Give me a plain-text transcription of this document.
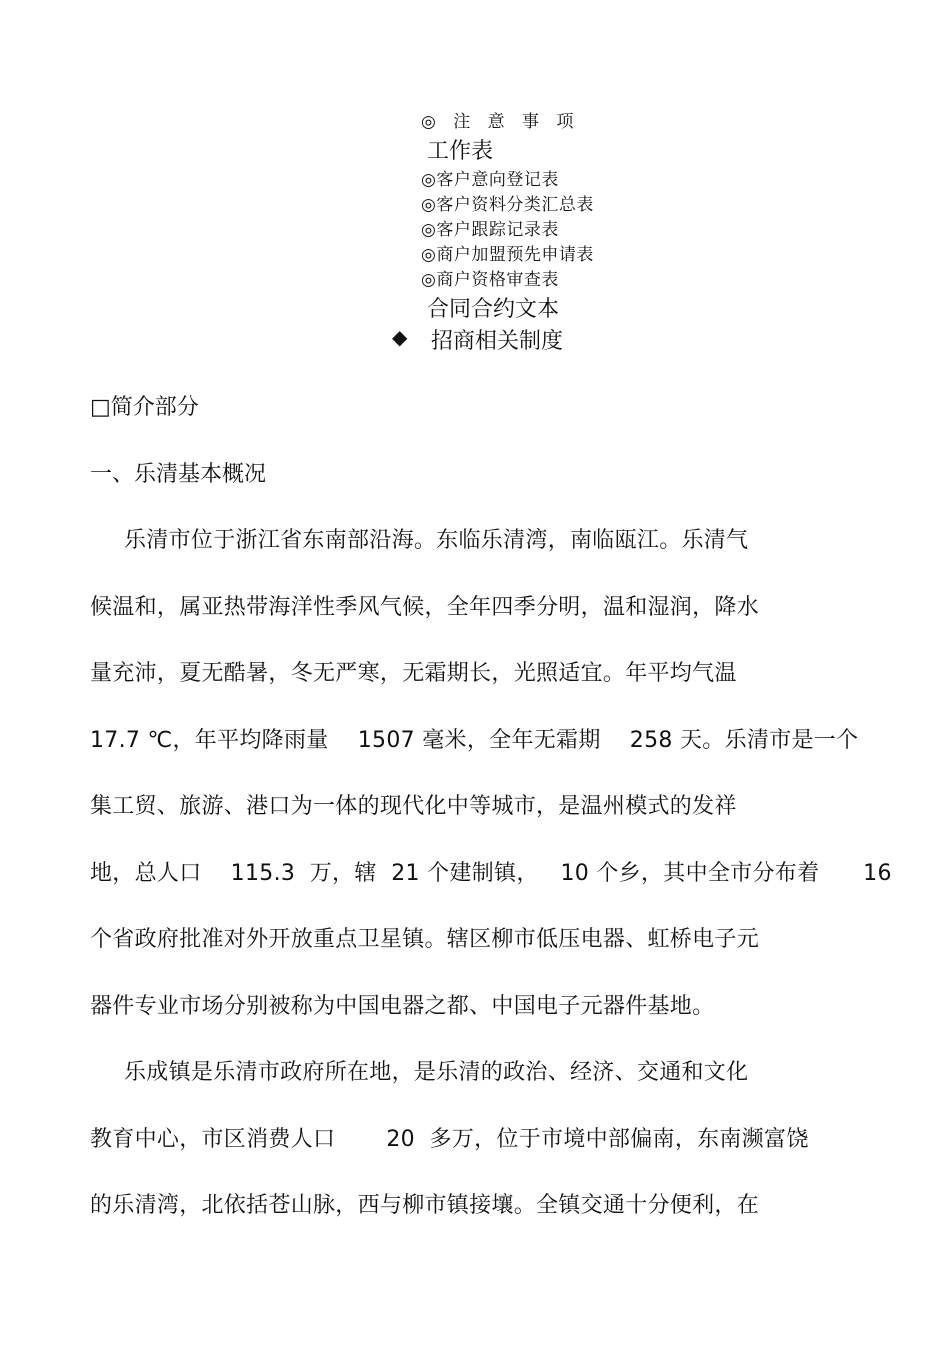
◎ 注 意 事 项
工作表
◎客户意向登记表
◎客户资料分类汇总表
◎客户跟踪记录表
◎商户加盟预先申请表
◎商户资格审查表
合同合约文本
◆ 招商相关制度
□简介部分
一、乐清基本概况
乐清市位于浙江省东南部沿海。东临乐清湾，南临瓯江。乐清气
候温和，属亚热带海洋性季风气候，全年四季分明，温和湿润，降水
量充沛，夏无酷暑，冬无严寒，无霜期长，光照适宜。年平均气温
17.7 ℃，年平均降雨量    1507 毫米，全年无霜期    258 天。乐清市是一个
集工贸、旅游、港口为一体的现代化中等城市，是温州模式的发祥
地，总人口    115.3  万，辖  21 个建制镇，   10 个乡，其中全市分布着      16
个省政府批准对外开放重点卫星镇。辖区柳市低压电器、虹桥电子元
器件专业市场分别被称为中国电器之都、中国电子元器件基地。
乐成镇是乐清市政府所在地，是乐清的政治、经济、交通和文化
教育中心，市区消费人口       20  多万，位于市境中部偏南，东南濒富饶
的乐清湾，北依括苍山脉，西与柳市镇接壤。全镇交通十分便利，在
